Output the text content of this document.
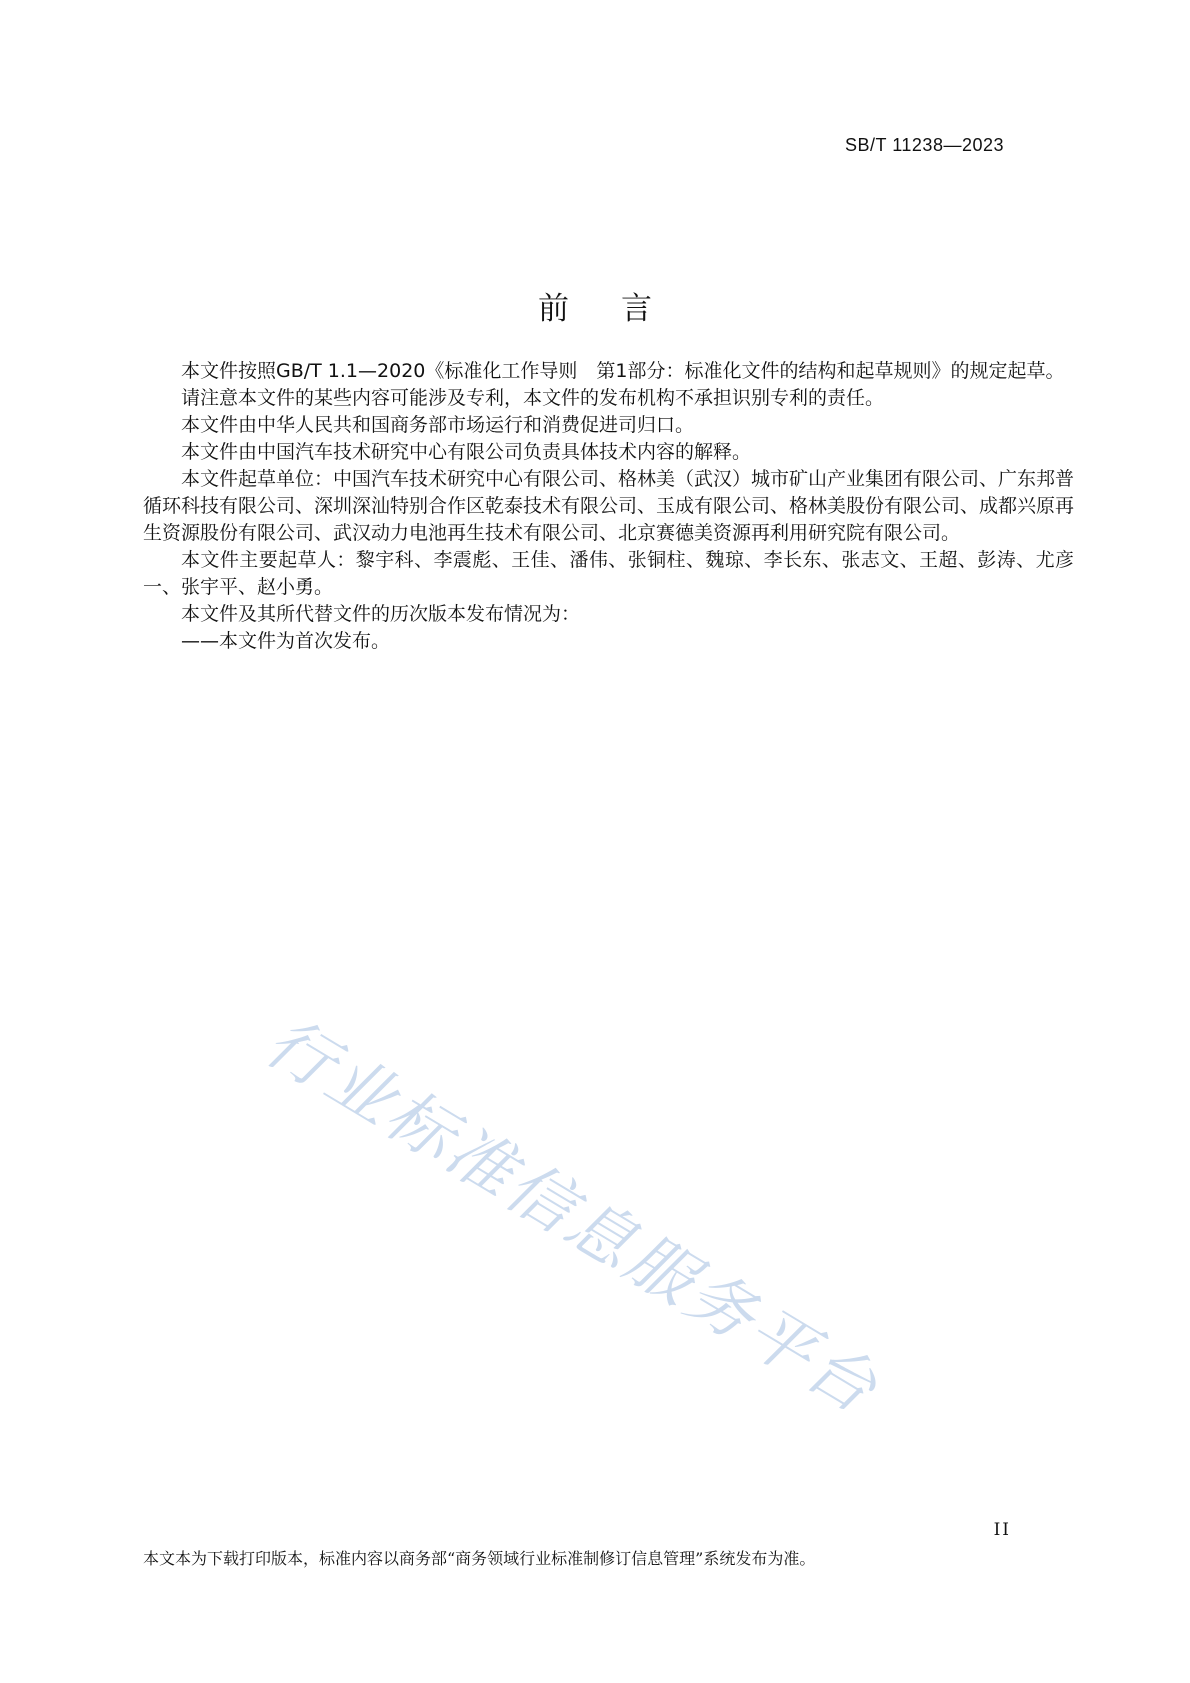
SB/T 11238—2023
前言

本文件按照GB/T 1.1—2020《标准化工作导则　第1部分：标准化文件的结构和起草规则》的规定起草。

请注意本文件的某些内容可能涉及专利，本文件的发布机构不承担识别专利的责任。

本文件由中华人民共和国商务部市场运行和消费促进司归口。

本文件由中国汽车技术研究中心有限公司负责具体技术内容的解释。

本文件起草单位：中国汽车技术研究中心有限公司、格林美（武汉）城市矿山产业集团有限公司、广东邦普循环科技有限公司、深圳深汕特别合作区乾泰技术有限公司、玉成有限公司、格林美股份有限公司、成都兴原再生资源股份有限公司、武汉动力电池再生技术有限公司、北京赛德美资源再利用研究院有限公司。

本文件主要起草人：黎宇科、李震彪、王佳、潘伟、张铜柱、魏琼、李长东、张志文、王超、彭涛、尤彦一、张宇平、赵小勇。

本文件及其所代替文件的历次版本发布情况为：

——本文件为首次发布。

行业标准信息服务平台
II
本文本为下载打印版本，标准内容以商务部“商务领域行业标准制修订信息管理”系统发布为准。
